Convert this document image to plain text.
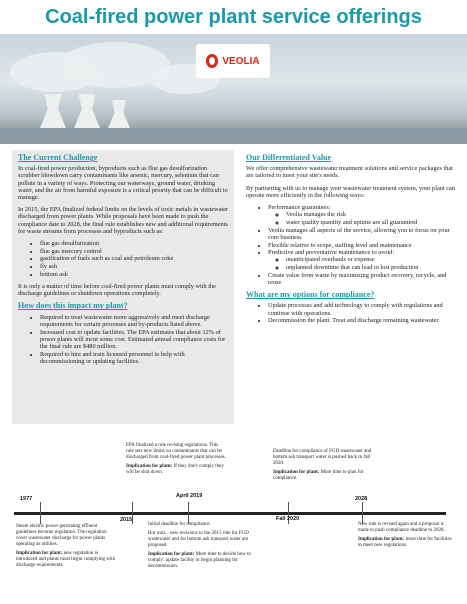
Coal-fired power plant service offerings
VEOLIA
The Current Challenge

In coal-fired power production, byproducts such as flue gas desulfurization scrubber blowdown carry contaminants like arsenic, mercury, selenium that can pollute in a variety of ways. Protecting our waterways, ground water, drinking water, and the air from harmful exposure is a critical priority that can be difficult to manage.

In 2015, the EPA finalized federal limits on the levels of toxic metals in wastewater discharged from power plants. While proposals have been made to push the compliance date to 2028, the final rule establishes new and additional requirements for waste streams from processes and byproducts such as:

• flue gas desulfurization
• flue gas mercury control
• gasification of fuels such as coal and petroleum coke
• fly ash
• bottom ash

It is only a matter of time before coal-fired power plants must comply with the discharge guidelines or shutdown operations completely.

How does this impact my plant?
• Required to treat wastewater more aggressively and meet discharge requirements for certain processes and by-products listed above.
• Increased cost to update facilities. The EPA estimates that about 12% of power plants will incur some cost. Estimated annual compliance costs for the final rule are $480 million.
• Required to hire and train licensed personnel to help with decommissioning or updating facilities.
Our Differentiated Value

We offer comprehensive wastewater treatment solutions and service packages that are tailored to meet your site's needs.

By partnering with us to manage your wastewater treatment system, your plant can operate more efficiently in the following ways:

• Performance guarantees:
◦ Veolia manages the risk
◦ water quality quantity and uptime are all guaranteed
• Veolia manages all aspects of the service, allowing you to focus on your core business
• Flexible relative to scope, staffing level and maintenance
• Predictive and preventative maintenance to avoid:
◦ unanticipated overhauls or expense
◦ unplanned downtime that can lead to lost production
• Create value from waste by maximizing product recovery, recycle, and reuse
What are my options for compliance?
• Update processes and add technology to comply with regulations and continue with operations.
• Decommission the plant. Treat and discharge remaining wastewater.
1977
2015
April 2019
Fall 2020
2028

Steam electric power generating effluent guidelines become regulation. The regulation cover wastewater discharge for power plants operating as utilities.

Implication for plant: new regulation is introduced and plants must begin complying with discharge requirements.

EPA finalized a rule revising regulations. This rule sets new limits on contaminants that can be discharged from coal-fired power plant processes.

Implication for plant: If they don't comply they will be shut down.

Initial deadline for compliance.

But wait... new revisions to the 2015 rule for FGD wastewater and for bottom ash transport water are proposed.

Implication for plant: More time to decide how to comply: update facility or begin planning for decommission.

Deadline for compliance of FGD wastewater and bottom ash transport water is pushed back to fall 2020.

Implication for plant: More time to plan for compliance.

New rule is revised again and a proposal is made to push compliance deadline to 2028.

Implication for plant: more time for facilities to meet new regulations.
